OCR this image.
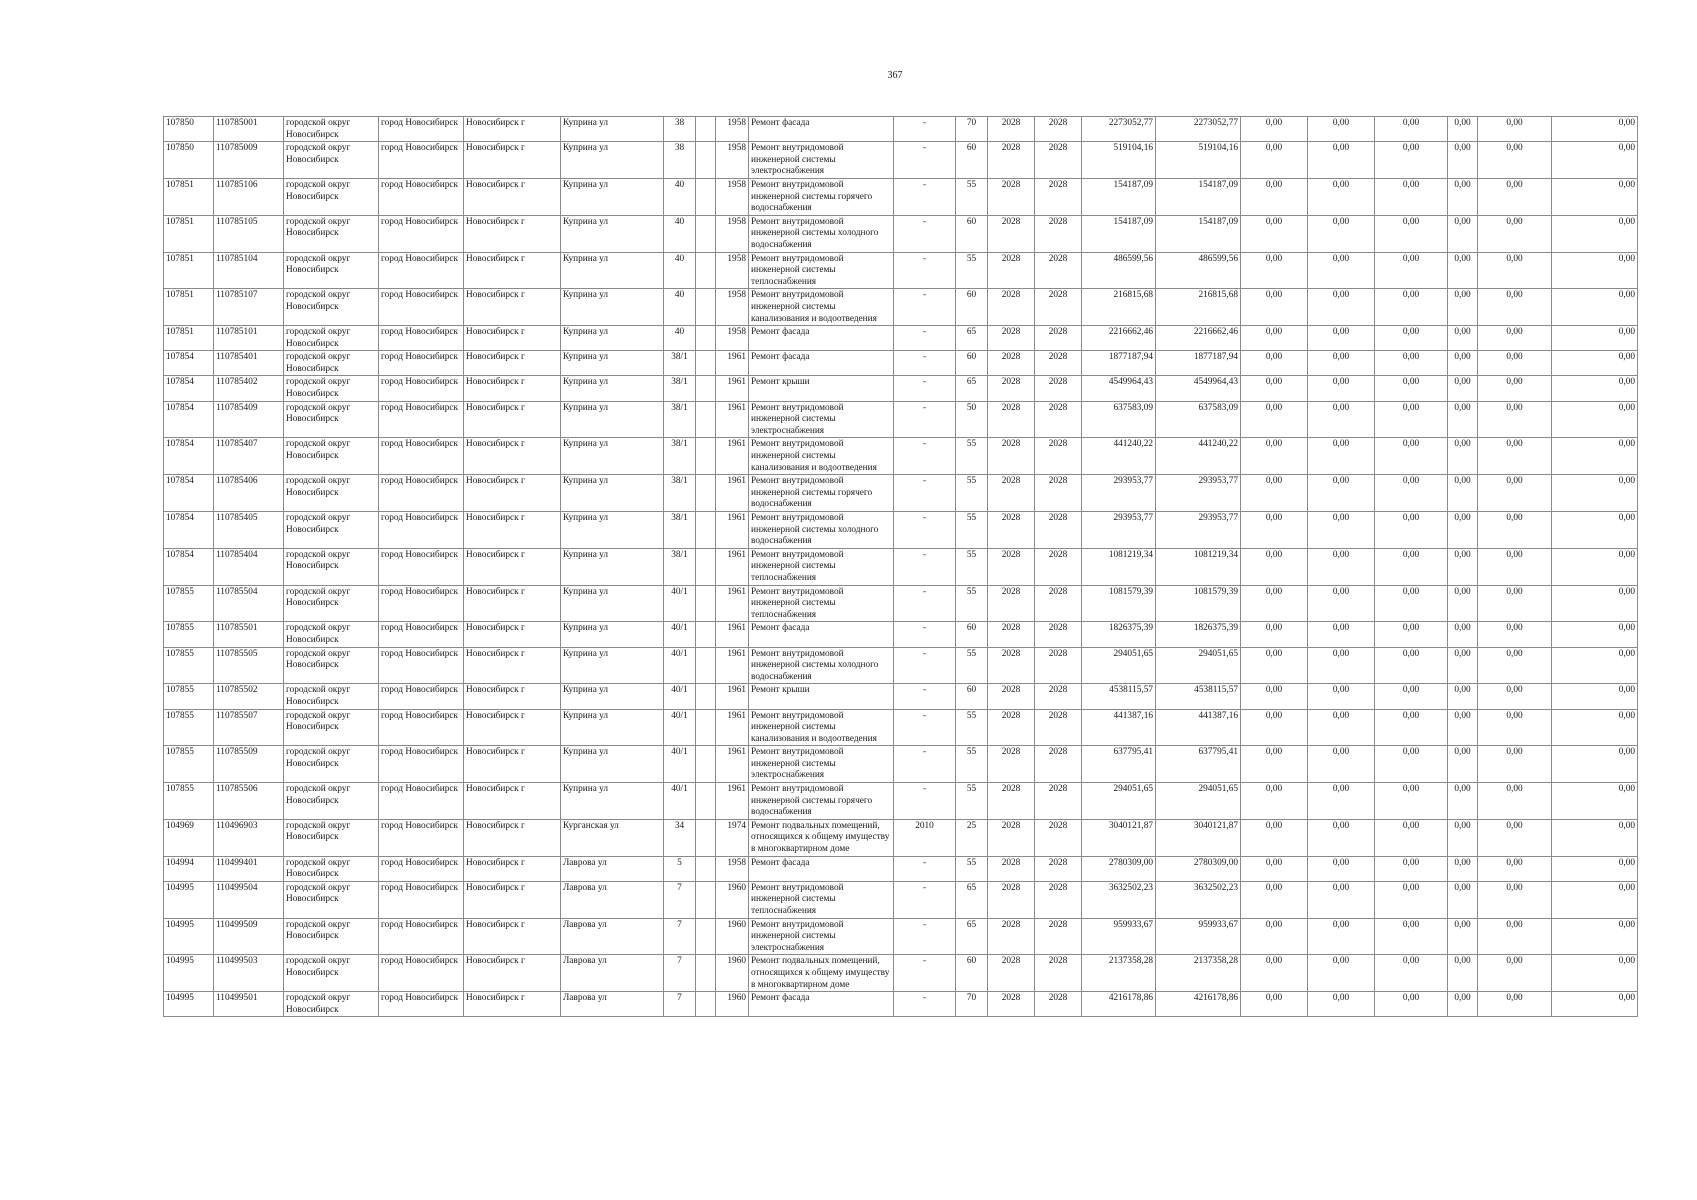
367
107850	110785001	городской округ Новосибирск	город Новосибирск	Новосибирск г	Куприна ул	38		1958	Ремонт фасада	-	70	2028	2028	2273052,77	2273052,77	0,00	0,00	0,00	0,00	0,00	0,00
107850	110785009	городской округ Новосибирск	город Новосибирск	Новосибирск г	Куприна ул	38		1958	Ремонт внутридомовой инженерной системы электроснабжения	-	60	2028	2028	519104,16	519104,16	0,00	0,00	0,00	0,00	0,00	0,00
107851	110785106	городской округ Новосибирск	город Новосибирск	Новосибирск г	Куприна ул	40		1958	Ремонт внутридомовой инженерной системы горячего водоснабжения	-	55	2028	2028	154187,09	154187,09	0,00	0,00	0,00	0,00	0,00	0,00
107851	110785105	городской округ Новосибирск	город Новосибирск	Новосибирск г	Куприна ул	40		1958	Ремонт внутридомовой инженерной системы холодного водоснабжения	-	60	2028	2028	154187,09	154187,09	0,00	0,00	0,00	0,00	0,00	0,00
107851	110785104	городской округ Новосибирск	город Новосибирск	Новосибирск г	Куприна ул	40		1958	Ремонт внутридомовой инженерной системы теплоснабжения	-	55	2028	2028	486599,56	486599,56	0,00	0,00	0,00	0,00	0,00	0,00
107851	110785107	городской округ Новосибирск	город Новосибирск	Новосибирск г	Куприна ул	40		1958	Ремонт внутридомовой инженерной системы канализования и водоотведения	-	60	2028	2028	216815,68	216815,68	0,00	0,00	0,00	0,00	0,00	0,00
107851	110785101	городской округ Новосибирск	город Новосибирск	Новосибирск г	Куприна ул	40		1958	Ремонт фасада	-	65	2028	2028	2216662,46	2216662,46	0,00	0,00	0,00	0,00	0,00	0,00
107854	110785401	городской округ Новосибирск	город Новосибирск	Новосибирск г	Куприна ул	38/1		1961	Ремонт фасада	-	60	2028	2028	1877187,94	1877187,94	0,00	0,00	0,00	0,00	0,00	0,00
107854	110785402	городской округ Новосибирск	город Новосибирск	Новосибирск г	Куприна ул	38/1		1961	Ремонт крыши	-	65	2028	2028	4549964,43	4549964,43	0,00	0,00	0,00	0,00	0,00	0,00
107854	110785409	городской округ Новосибирск	город Новосибирск	Новосибирск г	Куприна ул	38/1		1961	Ремонт внутридомовой инженерной системы электроснабжения	-	50	2028	2028	637583,09	637583,09	0,00	0,00	0,00	0,00	0,00	0,00
107854	110785407	городской округ Новосибирск	город Новосибирск	Новосибирск г	Куприна ул	38/1		1961	Ремонт внутридомовой инженерной системы канализования и водоотведения	-	55	2028	2028	441240,22	441240,22	0,00	0,00	0,00	0,00	0,00	0,00
107854	110785406	городской округ Новосибирск	город Новосибирск	Новосибирск г	Куприна ул	38/1		1961	Ремонт внутридомовой инженерной системы горячего водоснабжения	-	55	2028	2028	293953,77	293953,77	0,00	0,00	0,00	0,00	0,00	0,00
107854	110785405	городской округ Новосибирск	город Новосибирск	Новосибирск г	Куприна ул	38/1		1961	Ремонт внутридомовой инженерной системы холодного водоснабжения	-	55	2028	2028	293953,77	293953,77	0,00	0,00	0,00	0,00	0,00	0,00
107854	110785404	городской округ Новосибирск	город Новосибирск	Новосибирск г	Куприна ул	38/1		1961	Ремонт внутридомовой инженерной системы теплоснабжения	-	55	2028	2028	1081219,34	1081219,34	0,00	0,00	0,00	0,00	0,00	0,00
107855	110785504	городской округ Новосибирск	город Новосибирск	Новосибирск г	Куприна ул	40/1		1961	Ремонт внутридомовой инженерной системы теплоснабжения	-	55	2028	2028	1081579,39	1081579,39	0,00	0,00	0,00	0,00	0,00	0,00
107855	110785501	городской округ Новосибирск	город Новосибирск	Новосибирск г	Куприна ул	40/1		1961	Ремонт фасада	-	60	2028	2028	1826375,39	1826375,39	0,00	0,00	0,00	0,00	0,00	0,00
107855	110785505	городской округ Новосибирск	город Новосибирск	Новосибирск г	Куприна ул	40/1		1961	Ремонт внутридомовой инженерной системы холодного водоснабжения	-	55	2028	2028	294051,65	294051,65	0,00	0,00	0,00	0,00	0,00	0,00
107855	110785502	городской округ Новосибирск	город Новосибирск	Новосибирск г	Куприна ул	40/1		1961	Ремонт крыши	-	60	2028	2028	4538115,57	4538115,57	0,00	0,00	0,00	0,00	0,00	0,00
107855	110785507	городской округ Новосибирск	город Новосибирск	Новосибирск г	Куприна ул	40/1		1961	Ремонт внутридомовой инженерной системы канализования и водоотведения	-	55	2028	2028	441387,16	441387,16	0,00	0,00	0,00	0,00	0,00	0,00
107855	110785509	городской округ Новосибирск	город Новосибирск	Новосибирск г	Куприна ул	40/1		1961	Ремонт внутридомовой инженерной системы электроснабжения	-	55	2028	2028	637795,41	637795,41	0,00	0,00	0,00	0,00	0,00	0,00
107855	110785506	городской округ Новосибирск	город Новосибирск	Новосибирск г	Куприна ул	40/1		1961	Ремонт внутридомовой инженерной системы горячего водоснабжения	-	55	2028	2028	294051,65	294051,65	0,00	0,00	0,00	0,00	0,00	0,00
104969	110496903	городской округ Новосибирск	город Новосибирск	Новосибирск г	Курганская ул	34		1974	Ремонт подвальных помещений, относящихся к общему имуществу в многоквартирном доме	2010	25	2028	2028	3040121,87	3040121,87	0,00	0,00	0,00	0,00	0,00	0,00
104994	110499401	городской округ Новосибирск	город Новосибирск	Новосибирск г	Лаврова ул	5		1958	Ремонт фасада	-	55	2028	2028	2780309,00	2780309,00	0,00	0,00	0,00	0,00	0,00	0,00
104995	110499504	городской округ Новосибирск	город Новосибирск	Новосибирск г	Лаврова ул	7		1960	Ремонт внутридомовой инженерной системы теплоснабжения	-	65	2028	2028	3632502,23	3632502,23	0,00	0,00	0,00	0,00	0,00	0,00
104995	110499509	городской округ Новосибирск	город Новосибирск	Новосибирск г	Лаврова ул	7		1960	Ремонт внутридомовой инженерной системы электроснабжения	-	65	2028	2028	959933,67	959933,67	0,00	0,00	0,00	0,00	0,00	0,00
104995	110499503	городской округ Новосибирск	город Новосибирск	Новосибирск г	Лаврова ул	7		1960	Ремонт подвальных помещений, относящихся к общему имуществу в многоквартирном доме	-	60	2028	2028	2137358,28	2137358,28	0,00	0,00	0,00	0,00	0,00	0,00
104995	110499501	городской округ Новосибирск	город Новосибирск	Новосибирск г	Лаврова ул	7		1960	Ремонт фасада	-	70	2028	2028	4216178,86	4216178,86	0,00	0,00	0,00	0,00	0,00	0,00
